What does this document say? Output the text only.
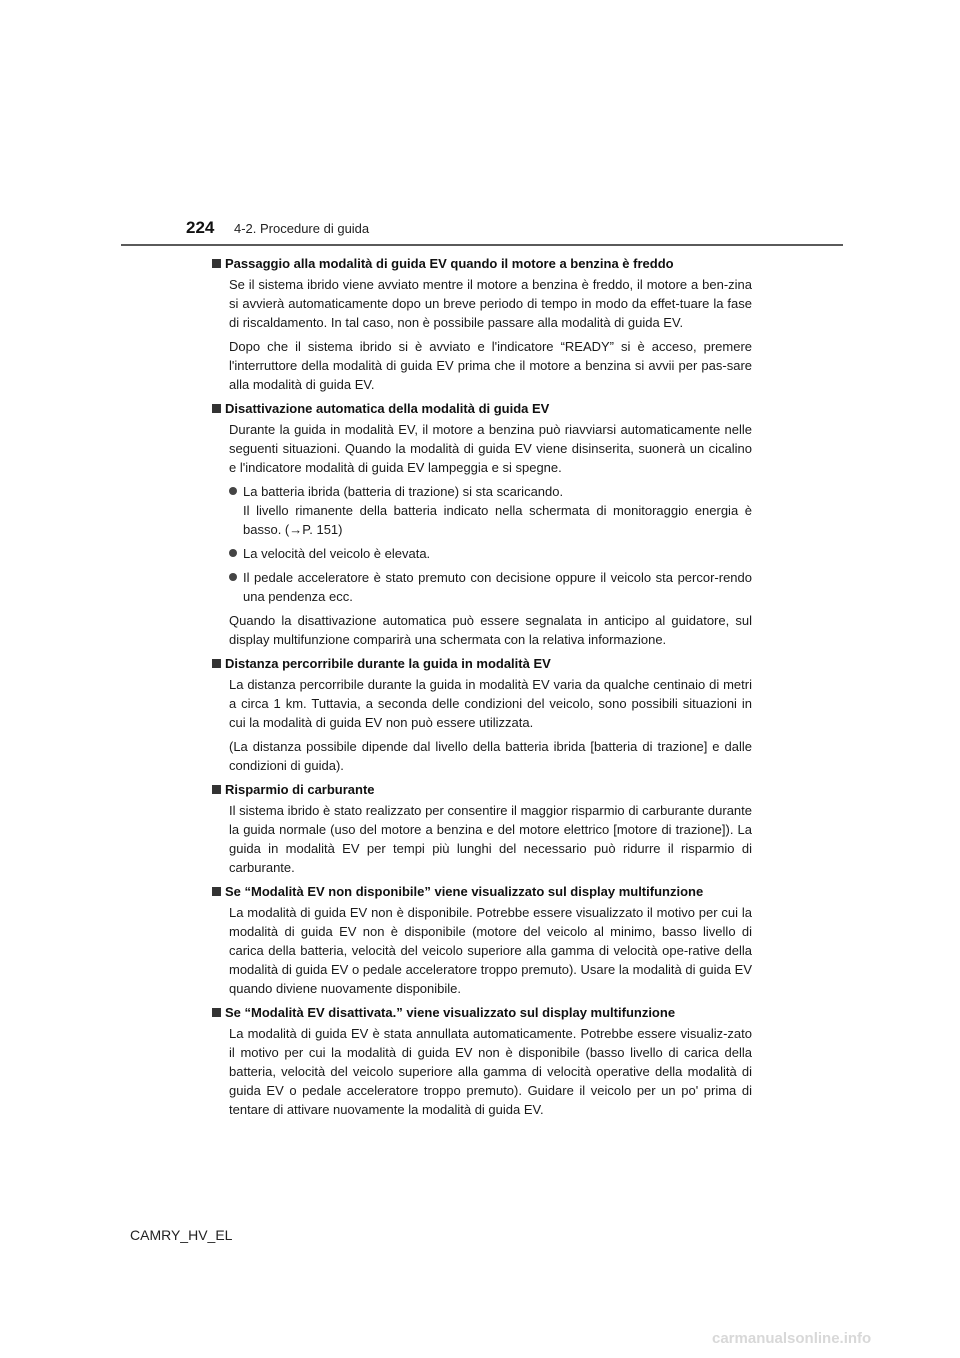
224 4-2. Procedure di guida
Passaggio alla modalità di guida EV quando il motore a benzina è freddo
Se il sistema ibrido viene avviato mentre il motore a benzina è freddo, il motore a ben-zina si avvierà automaticamente dopo un breve periodo di tempo in modo da effet-tuare la fase di riscaldamento. In tal caso, non è possibile passare alla modalità di guida EV.
Dopo che il sistema ibrido si è avviato e l'indicatore “READY” si è acceso, premere l'interruttore della modalità di guida EV prima che il motore a benzina si avvii per pas-sare alla modalità di guida EV.
Disattivazione automatica della modalità di guida EV
Durante la guida in modalità EV, il motore a benzina può riavviarsi automaticamente nelle seguenti situazioni. Quando la modalità di guida EV viene disinserita, suonerà un cicalino e l'indicatore modalità di guida EV lampeggia e si spegne.
La batteria ibrida (batteria di trazione) si sta scaricando.
Il livello rimanente della batteria indicato nella schermata di monitoraggio energia è basso. (→P. 151)
La velocità del veicolo è elevata.
Il pedale acceleratore è stato premuto con decisione oppure il veicolo sta percor-rendo una pendenza ecc.
Quando la disattivazione automatica può essere segnalata in anticipo al guidatore, sul display multifunzione comparirà una schermata con la relativa informazione.
Distanza percorribile durante la guida in modalità EV
La distanza percorribile durante la guida in modalità EV varia da qualche centinaio di metri a circa 1 km. Tuttavia, a seconda delle condizioni del veicolo, sono possibili situazioni in cui la modalità di guida EV non può essere utilizzata.
(La distanza possibile dipende dal livello della batteria ibrida [batteria di trazione] e dalle condizioni di guida).
Risparmio di carburante
Il sistema ibrido è stato realizzato per consentire il maggior risparmio di carburante durante la guida normale (uso del motore a benzina e del motore elettrico [motore di trazione]). La guida in modalità EV per tempi più lunghi del necessario può ridurre il risparmio di carburante.
Se “Modalità EV non disponibile” viene visualizzato sul display multifunzione
La modalità di guida EV non è disponibile. Potrebbe essere visualizzato il motivo per cui la modalità di guida EV non è disponibile (motore del veicolo al minimo, basso livello di carica della batteria, velocità del veicolo superiore alla gamma di velocità ope-rative della modalità di guida EV o pedale acceleratore troppo premuto). Usare la modalità di guida EV quando diviene nuovamente disponibile.
Se “Modalità EV disattivata.” viene visualizzato sul display multifunzione
La modalità di guida EV è stata annullata automaticamente. Potrebbe essere visualiz-zato il motivo per cui la modalità di guida EV non è disponibile (basso livello di carica della batteria, velocità del veicolo superiore alla gamma di velocità operative della modalità di guida EV o pedale acceleratore troppo premuto). Guidare il veicolo per un po' prima di tentare di attivare nuovamente la modalità di guida EV.
CAMRY_HV_EL
carmanualsonline.info
